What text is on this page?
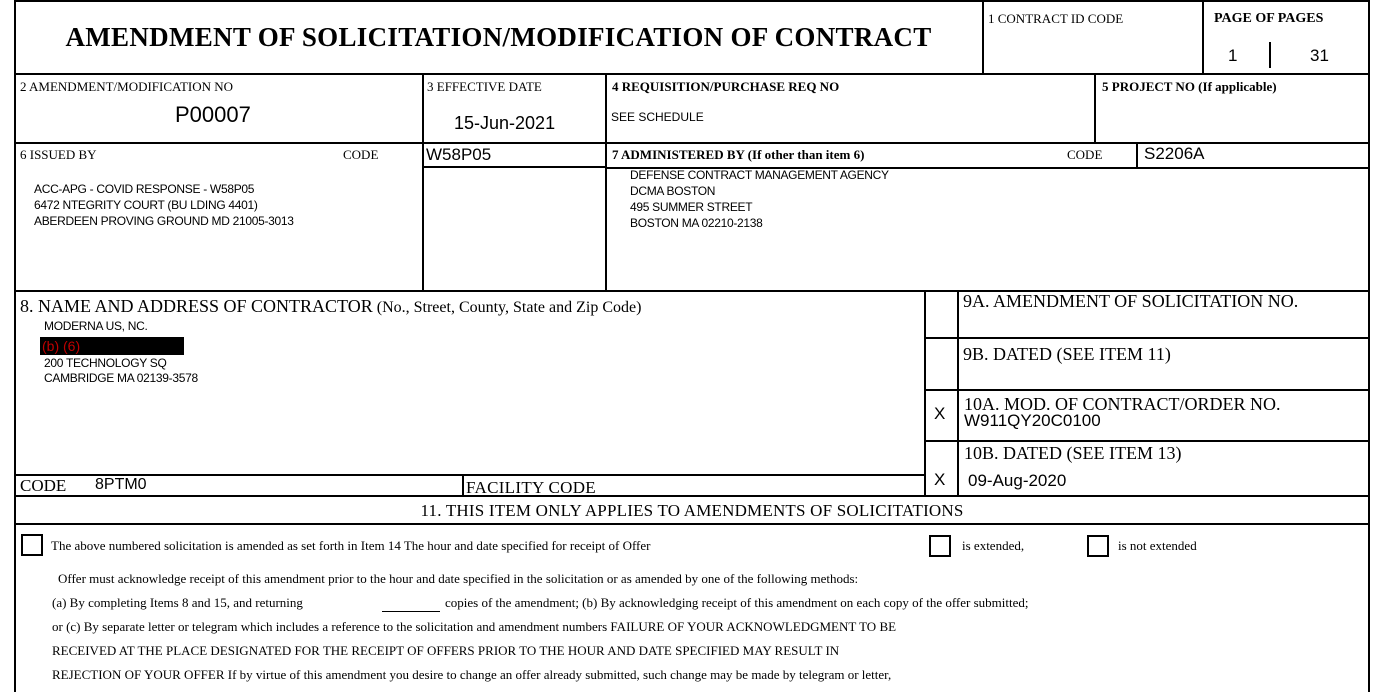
AMENDMENT OF SOLICITATION/MODIFICATION OF CONTRACT
1 CONTRACT ID CODE	PAGE OF PAGES
1	31
2 AMENDMENT/MODIFICATION NO
P00007
3 EFFECTIVE DATE
15-Jun-2021
4 REQUISITION/PURCHASE REQ NO
SEE SCHEDULE
5 PROJECT NO (If applicable)
6 ISSUED BY	CODE	W58P05
ACC-APG - COVID RESPONSE - W58P05
6472 NTEGRITY COURT (BU LDING 4401)
ABERDEEN PROVING GROUND MD 21005-3013
7 ADMINISTERED BY (If other than item 6)	CODE S2206A
DEFENSE CONTRACT MANAGEMENT AGENCY
DCMA BOSTON
495 SUMMER STREET
BOSTON MA 02210-2138
8. NAME AND ADDRESS OF CONTRACTOR (No., Street, County, State and Zip Code)
MODERNA US, NC.
(b) (6)
200 TECHNOLOGY SQ
CAMBRIDGE MA 02139-3578
CODE 8PTM0	FACILITY CODE
9A. AMENDMENT OF SOLICITATION NO.
9B. DATED (SEE ITEM 11)
X 10A. MOD. OF CONTRACT/ORDER NO.
W911QY20C0100
10B. DATED (SEE ITEM 13)
X 09-Aug-2020
11. THIS ITEM ONLY APPLIES TO AMENDMENTS OF SOLICITATIONS
The above numbered solicitation is amended as set forth in Item 14 The hour and date specified for receipt of Offer	is extended,	is not extended
Offer must acknowledge receipt of this amendment prior to the hour and date specified in the solicitation or as amended by one of the following methods:
(a) By completing Items 8 and 15, and returning	copies of the amendment; (b) By acknowledging receipt of this amendment on each copy of the offer submitted;
or (c) By separate letter or telegram which includes a reference to the solicitation and amendment numbers FAILURE OF YOUR ACKNOWLEDGMENT TO BE
RECEIVED AT THE PLACE DESIGNATED FOR THE RECEIPT OF OFFERS PRIOR TO THE HOUR AND DATE SPECIFIED MAY RESULT IN
REJECTION OF YOUR OFFER If by virtue of this amendment you desire to change an offer already submitted, such change may be made by telegram or letter,
